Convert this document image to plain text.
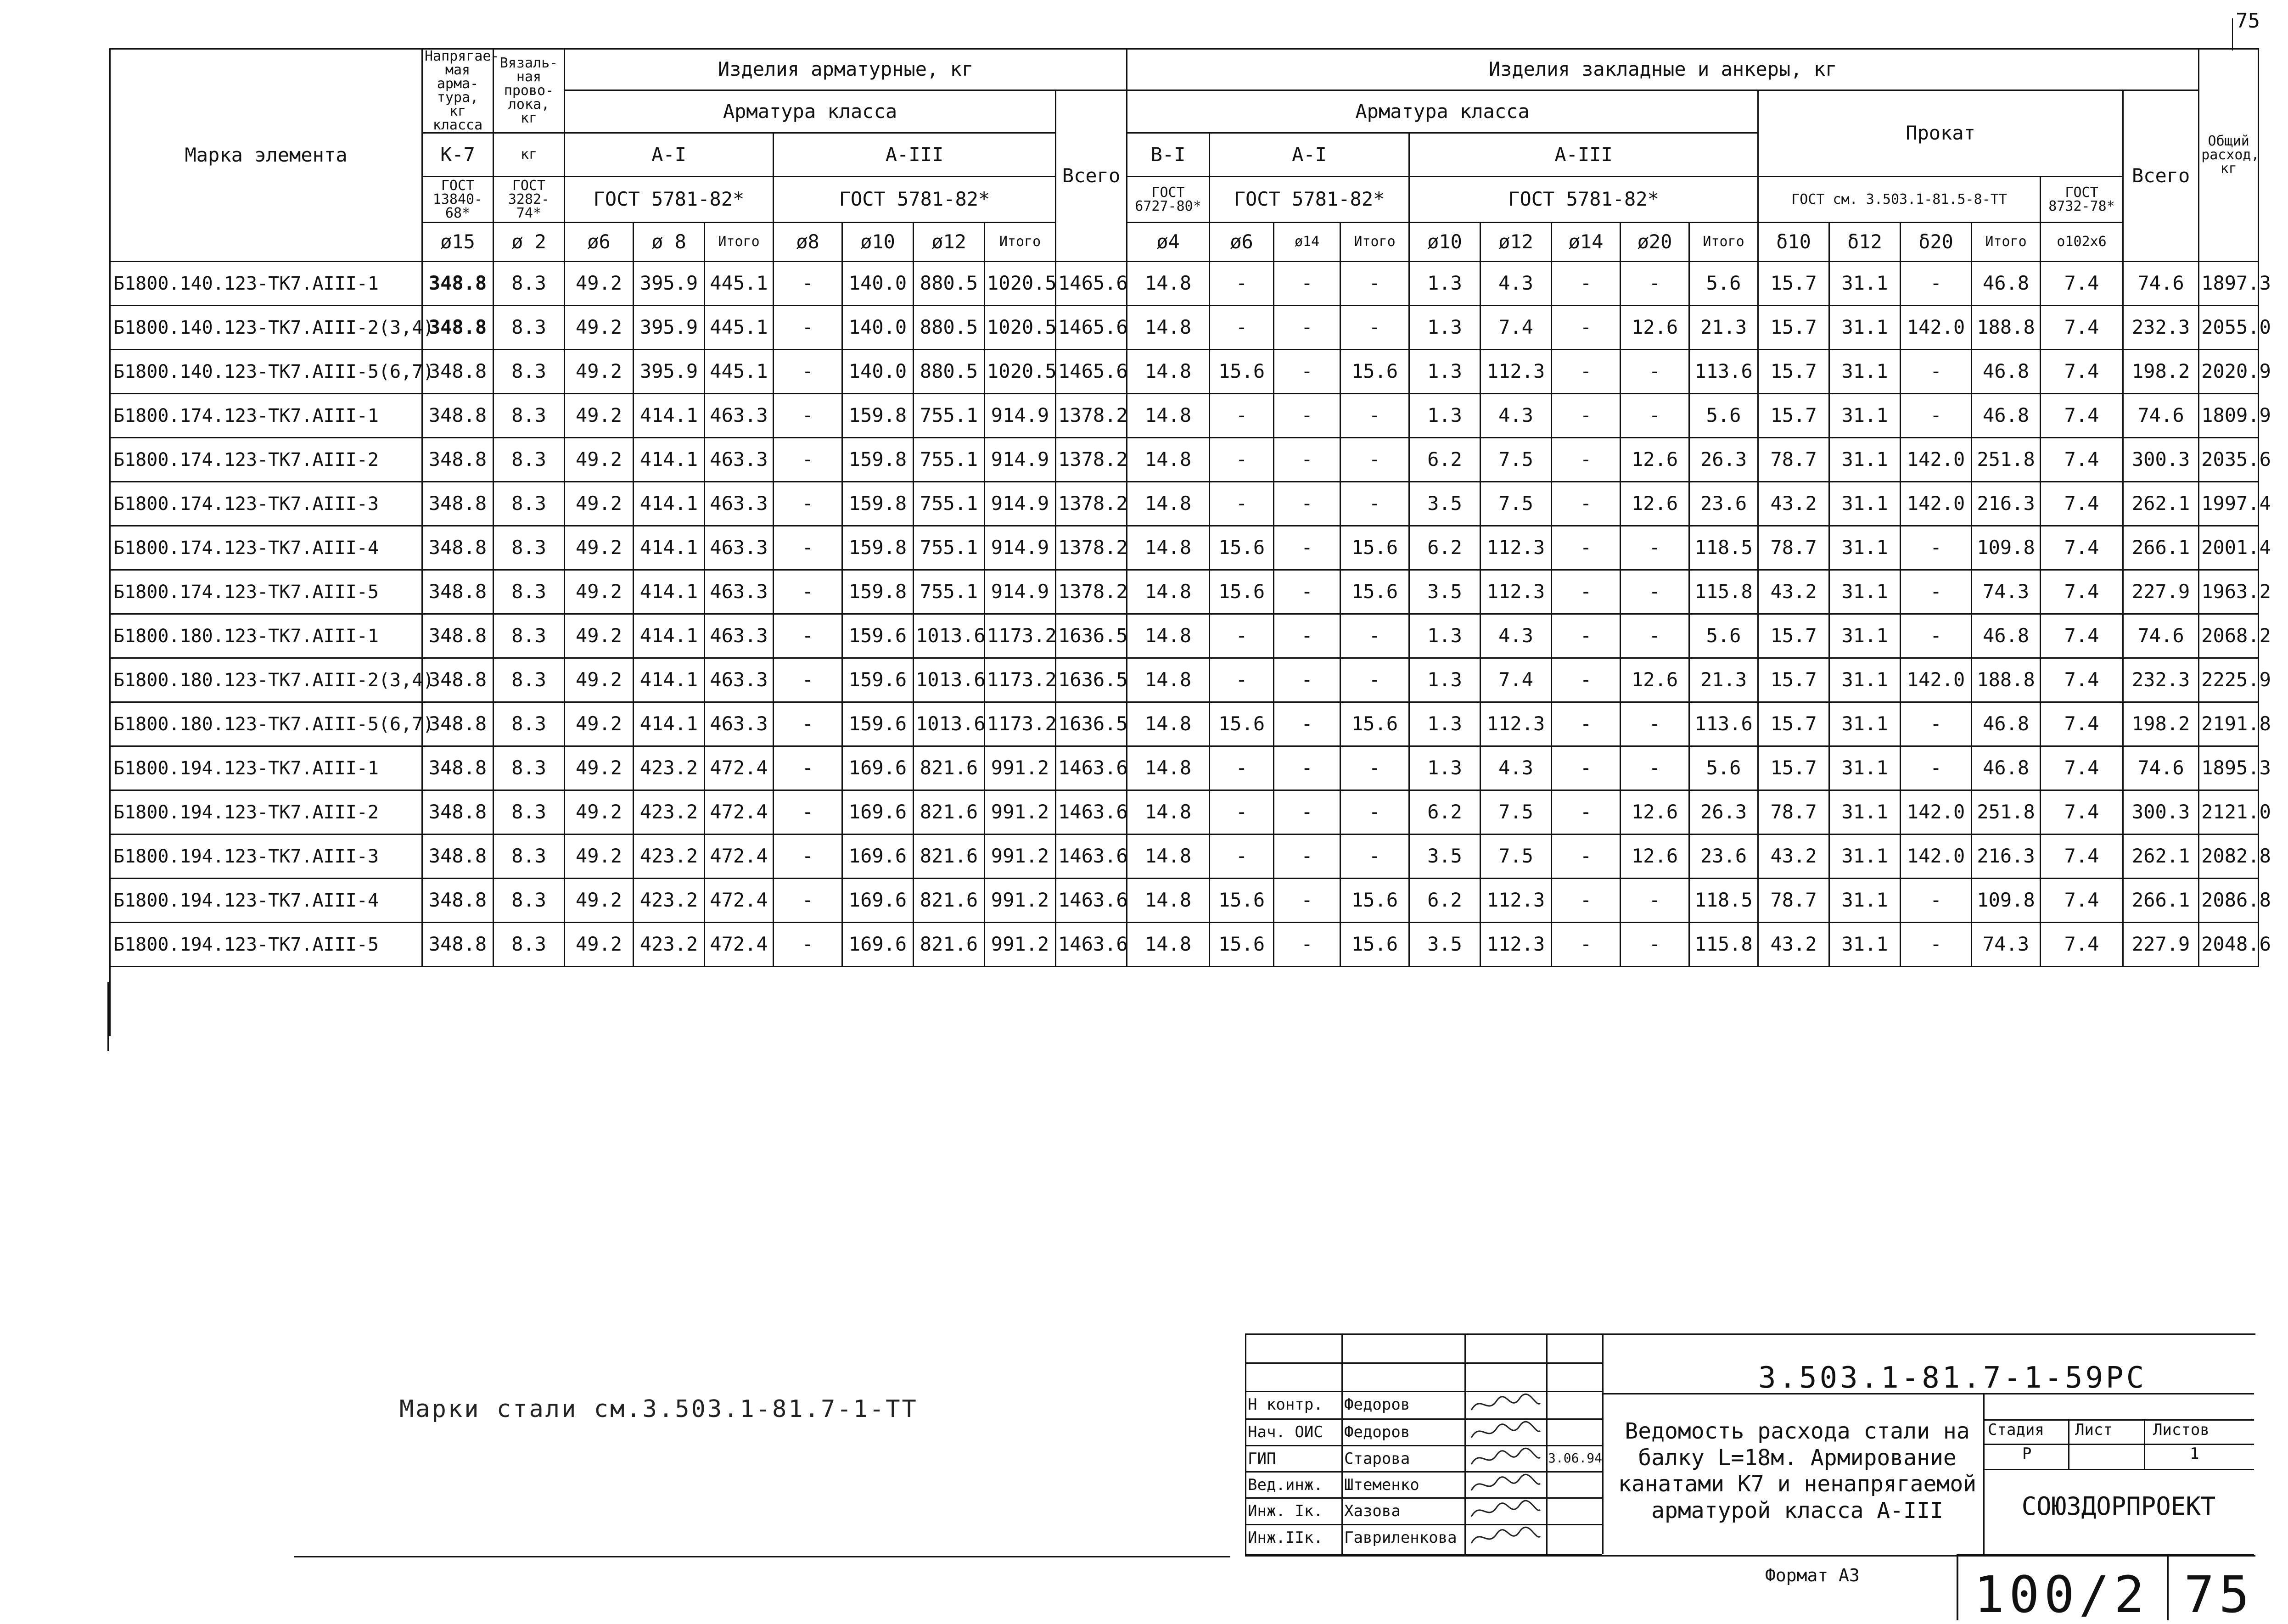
75
Марка элемента	Напрягае-мая арма-тура, кг класса	Вязаль-ная прово-лока, кг	Изделия арматурные, кг								Изделия закладные и анкеры, кг															Общий расход, кг
			Арматура класса							Всего	Арматура класса									Прокат					Всего	
	К-7	кг	А-I			А-III					В-I	А-I			А-III											
	ГОСТ 13840-68*	ГОСТ 3282-74*	ГОСТ 5781-82*			ГОСТ 5781-82*					ГОСТ 6727-80*	ГОСТ 5781-82*			ГОСТ 5781-82*					ГОСТ см. 3.503.1-81.5-8-ТТ				ГОСТ 8732-78*		
	ø15	ø 2	ø6	ø 8	Итого	ø8	ø10	ø12	Итого		ø4	ø6	ø14	Итого	ø10	ø12	ø14	ø20	Итого	δ10	δ12	δ20	Итого	o102x6		
Б1800.140.123-ТК7.AIII-1	348.8	8.3	49.2	395.9	445.1	-	140.0	880.5	1020.5	1465.6	14.8	-	-	-	1.3	4.3	-	-	5.6	15.7	31.1	-	46.8	7.4	74.6	1897.3
Б1800.140.123-ТК7.AIII-2(3,4)	348.8	8.3	49.2	395.9	445.1	-	140.0	880.5	1020.5	1465.6	14.8	-	-	-	1.3	7.4	-	12.6	21.3	15.7	31.1	142.0	188.8	7.4	232.3	2055.0
Б1800.140.123-ТК7.AIII-5(6,7)	348.8	8.3	49.2	395.9	445.1	-	140.0	880.5	1020.5	1465.6	14.8	15.6	-	15.6	1.3	112.3	-	-	113.6	15.7	31.1	-	46.8	7.4	198.2	2020.9
Б1800.174.123-ТК7.AIII-1	348.8	8.3	49.2	414.1	463.3	-	159.8	755.1	914.9	1378.2	14.8	-	-	-	1.3	4.3	-	-	5.6	15.7	31.1	-	46.8	7.4	74.6	1809.9
Б1800.174.123-ТК7.AIII-2	348.8	8.3	49.2	414.1	463.3	-	159.8	755.1	914.9	1378.2	14.8	-	-	-	6.2	7.5	-	12.6	26.3	78.7	31.1	142.0	251.8	7.4	300.3	2035.6
Б1800.174.123-ТК7.AIII-3	348.8	8.3	49.2	414.1	463.3	-	159.8	755.1	914.9	1378.2	14.8	-	-	-	3.5	7.5	-	12.6	23.6	43.2	31.1	142.0	216.3	7.4	262.1	1997.4
Б1800.174.123-ТК7.AIII-4	348.8	8.3	49.2	414.1	463.3	-	159.8	755.1	914.9	1378.2	14.8	15.6	-	15.6	6.2	112.3	-	-	118.5	78.7	31.1	-	109.8	7.4	266.1	2001.4
Б1800.174.123-ТК7.AIII-5	348.8	8.3	49.2	414.1	463.3	-	159.8	755.1	914.9	1378.2	14.8	15.6	-	15.6	3.5	112.3	-	-	115.8	43.2	31.1	-	74.3	7.4	227.9	1963.2
Б1800.180.123-ТК7.AIII-1	348.8	8.3	49.2	414.1	463.3	-	159.6	1013.6	1173.2	1636.5	14.8	-	-	-	1.3	4.3	-	-	5.6	15.7	31.1	-	46.8	7.4	74.6	2068.2
Б1800.180.123-ТК7.AIII-2(3,4)	348.8	8.3	49.2	414.1	463.3	-	159.6	1013.6	1173.2	1636.5	14.8	-	-	-	1.3	7.4	-	12.6	21.3	15.7	31.1	142.0	188.8	7.4	232.3	2225.9
Б1800.180.123-ТК7.AIII-5(6,7)	348.8	8.3	49.2	414.1	463.3	-	159.6	1013.6	1173.2	1636.5	14.8	15.6	-	15.6	1.3	112.3	-	-	113.6	15.7	31.1	-	46.8	7.4	198.2	2191.8
Б1800.194.123-ТК7.AIII-1	348.8	8.3	49.2	423.2	472.4	-	169.6	821.6	991.2	1463.6	14.8	-	-	-	1.3	4.3	-	-	5.6	15.7	31.1	-	46.8	7.4	74.6	1895.3
Б1800.194.123-ТК7.AIII-2	348.8	8.3	49.2	423.2	472.4	-	169.6	821.6	991.2	1463.6	14.8	-	-	-	6.2	7.5	-	12.6	26.3	78.7	31.1	142.0	251.8	7.4	300.3	2121.0
Б1800.194.123-ТК7.AIII-3	348.8	8.3	49.2	423.2	472.4	-	169.6	821.6	991.2	1463.6	14.8	-	-	-	3.5	7.5	-	12.6	23.6	43.2	31.1	142.0	216.3	7.4	262.1	2082.8
Б1800.194.123-ТК7.AIII-4	348.8	8.3	49.2	423.2	472.4	-	169.6	821.6	991.2	1463.6	14.8	15.6	-	15.6	6.2	112.3	-	-	118.5	78.7	31.1	-	109.8	7.4	266.1	2086.8
Б1800.194.123-ТК7.AIII-5	348.8	8.3	49.2	423.2	472.4	-	169.6	821.6	991.2	1463.6	14.8	15.6	-	15.6	3.5	112.3	-	-	115.8	43.2	31.1	-	74.3	7.4	227.9	2048.6

Марки стали см.3.503.1-81.7-1-ТТ
3.503.1-81.7-1-59РС
Ведомость расхода стали на балку L=18м. Армирование канатами К7 и ненапрягаемой арматурой класса А-III
Стадия Лист	Листов
Р	1
СОЮЗДОРПРОЕКТ
Формат А3 100/2 75
Н контр. Федоров
Нач. ОИС Федоров
ГИП	Старова	3.06.94
Вед.инж. Штеменко
Инж. Iк. Хазова
Инж.IIк. Гавриленкова
